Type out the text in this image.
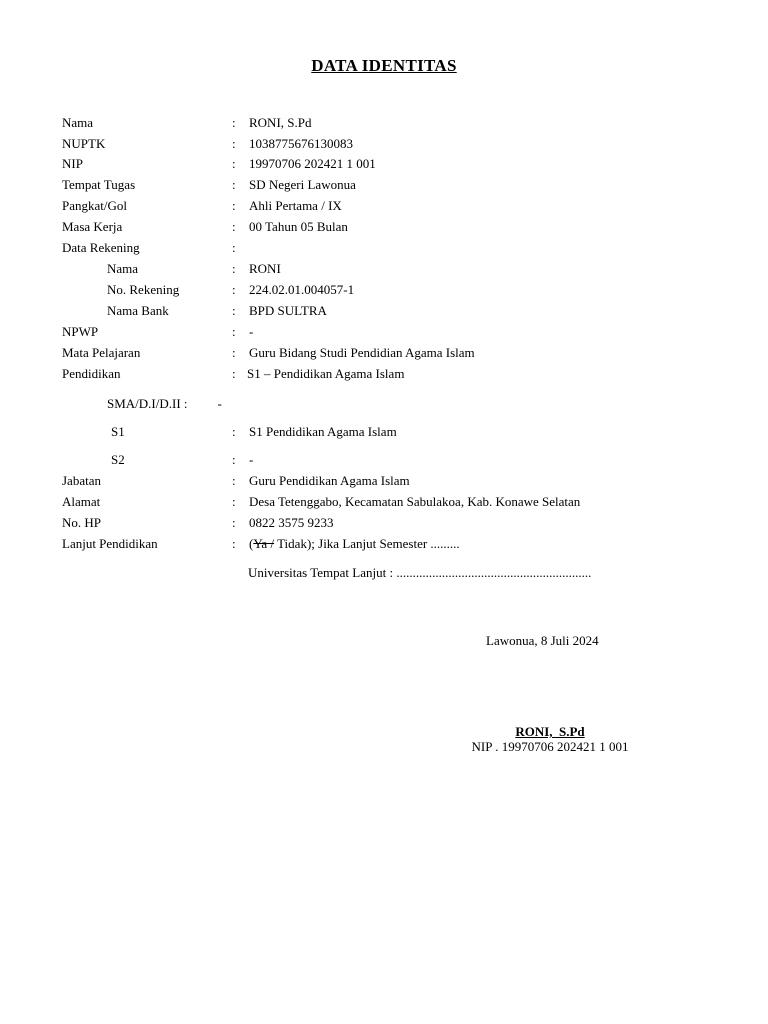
DATA IDENTITAS
Nama	: RONI, S.Pd
NUPTK	: 1038775676130083
NIP	: 19970706 202421 1 001
Tempat Tugas	: SD Negeri Lawonua
Pangkat/Gol	: Ahli Pertama / IX
Masa Kerja	: 00 Tahun 05 Bulan
Data Rekening	:
Nama	: RONI
No. Rekening	: 224.02.01.004057-1
Nama Bank	: BPD SULTRA
NPWP	: -
Mata Pelajaran	: Guru Bidang Studi Pendidian Agama Islam
Pendidikan	: S1 – Pendidikan Agama Islam
SMA/D.I/D.II : -
S1	: S1 Pendidikan Agama Islam
S2	: -
Jabatan	: Guru Pendidikan Agama Islam
Alamat	: Desa Tetenggabo, Kecamatan Sabulakoa, Kab. Konawe Selatan
No. HP	: 0822 3575 9233
Lanjut Pendidikan	: (Ya / Tidak); Jika Lanjut Semester .........
Universitas Tempat Lanjut : ............................................................
Lawonua, 8 Juli 2024
RONI,  S.Pd
NIP . 19970706 202421 1 001
